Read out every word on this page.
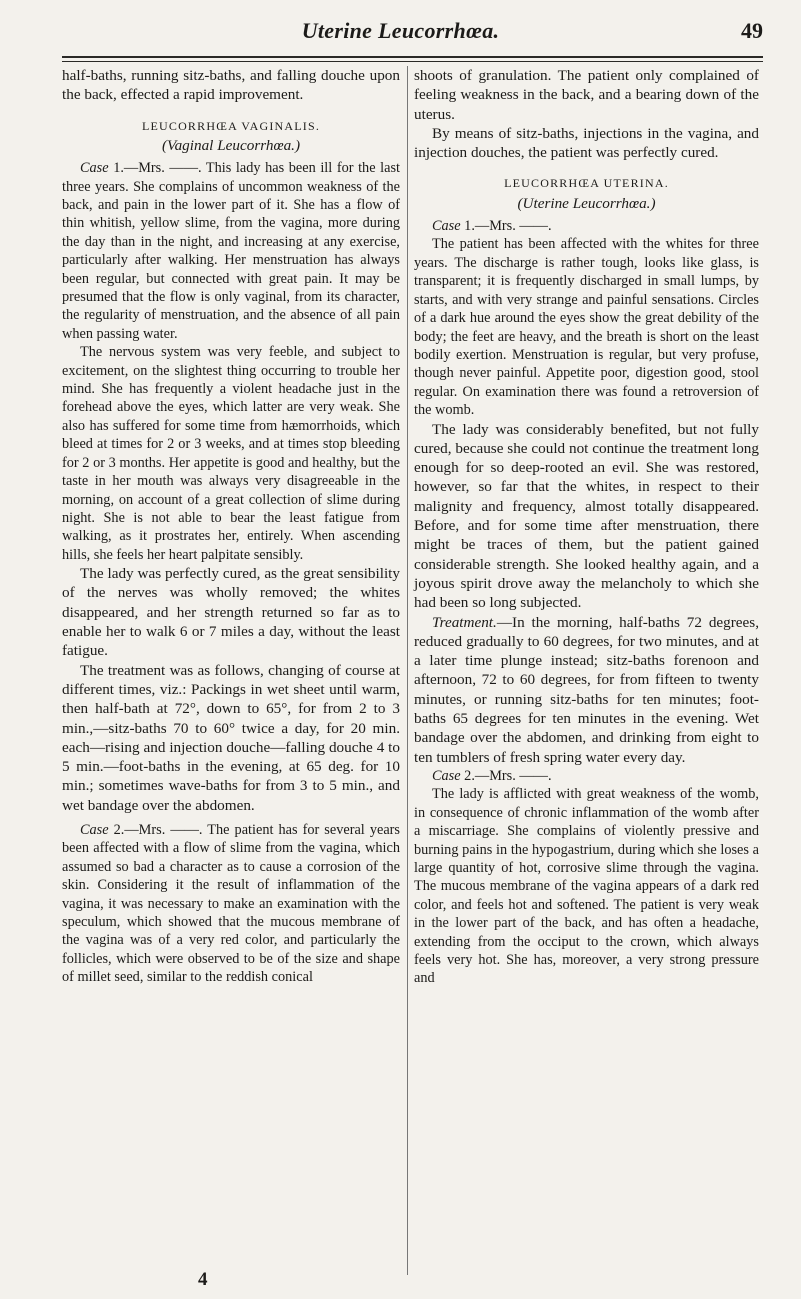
Uterine Leucorrhœa.	49

half-baths, running sitz-baths, and falling douche upon the back, effected a rapid improvement.

LEUCORRHŒA VAGINALIS.

(Vaginal Leucorrhœa.)

Case 1.—Mrs. ——. This lady has been ill for the last three years. She complains of uncommon weakness of the back, and pain in the lower part of it. She has a flow of thin whitish, yellow slime, from the vagina, more during the day than in the night, and increasing at any exercise, particularly after walking. Her menstruation has always been regular, but connected with great pain. It may be presumed that the flow is only vaginal, from its character, the regularity of menstruation, and the absence of all pain when passing water.

The nervous system was very feeble, and subject to excitement, on the slightest thing occurring to trouble her mind. She has frequently a violent headache just in the forehead above the eyes, which latter are very weak. She also has suffered for some time from hæmorrhoids, which bleed at times for 2 or 3 weeks, and at times stop bleeding for 2 or 3 months. Her appetite is good and healthy, but the taste in her mouth was always very disagreeable in the morning, on account of a great collection of slime during night. She is not able to bear the least fatigue from walking, as it prostrates her, entirely. When ascending hills, she feels her heart palpitate sensibly.

The lady was perfectly cured, as the great sensibility of the nerves was wholly removed; the whites disappeared, and her strength returned so far as to enable her to walk 6 or 7 miles a day, without the least fatigue.

The treatment was as follows, changing of course at different times, viz.: Packings in wet sheet until warm, then half-bath at 72°, down to 65°, for from 2 to 3 min.,—sitz-baths 70 to 60° twice a day, for 20 min. each—rising and injection douche—falling douche 4 to 5 min.—foot-baths in the evening, at 65 deg. for 10 min.; sometimes wave-baths for from 3 to 5 min., and wet bandage over the abdomen.

Case 2.—Mrs. ——. The patient has for several years been affected with a flow of slime from the vagina, which assumed so bad a character as to cause a corrosion of the skin. Considering it the result of inflammation of the vagina, it was necessary to make an examination with the speculum, which showed that the mucous membrane of the vagina was of a very red color, and particularly the follicles, which were observed to be of the size and shape of millet seed, similar to the reddish conical

shoots of granulation. The patient only complained of feeling weakness in the back, and a bearing down of the uterus.

By means of sitz-baths, injections in the vagina, and injection douches, the patient was perfectly cured.

LEUCORRHŒA UTERINA.

(Uterine Leucorrhœa.)

Case 1.—Mrs. ——.

The patient has been affected with the whites for three years. The discharge is rather tough, looks like glass, is transparent; it is frequently discharged in small lumps, by starts, and with very strange and painful sensations. Circles of a dark hue around the eyes show the great debility of the body; the feet are heavy, and the breath is short on the least bodily exertion. Menstruation is regular, but very profuse, though never painful. Appetite poor, digestion good, stool regular. On examination there was found a retroversion of the womb.

The lady was considerably benefited, but not fully cured, because she could not continue the treatment long enough for so deep-rooted an evil. She was restored, however, so far that the whites, in respect to their malignity and frequency, almost totally disappeared. Before, and for some time after menstruation, there might be traces of them, but the patient gained considerable strength. She looked healthy again, and a joyous spirit drove away the melancholy to which she had been so long subjected.

Treatment.—In the morning, half-baths 72 degrees, reduced gradually to 60 degrees, for two minutes, and at a later time plunge instead; sitz-baths forenoon and afternoon, 72 to 60 degrees, for from fifteen to twenty minutes, or running sitz-baths for ten minutes; foot-baths 65 degrees for ten minutes in the evening. Wet bandage over the abdomen, and drinking from eight to ten tumblers of fresh spring water every day.

Case 2.—Mrs. ——.

The lady is afflicted with great weakness of the womb, in consequence of chronic inflammation of the womb after a miscarriage. She complains of violently pressive and burning pains in the hypogastrium, during which she loses a large quantity of hot, corrosive slime through the vagina. The mucous membrane of the vagina appears of a dark red color, and feels hot and softened. The patient is very weak in the lower part of the back, and has often a headache, extending from the occiput to the crown, which always feels very hot. She has, moreover, a very strong pressure and

4
